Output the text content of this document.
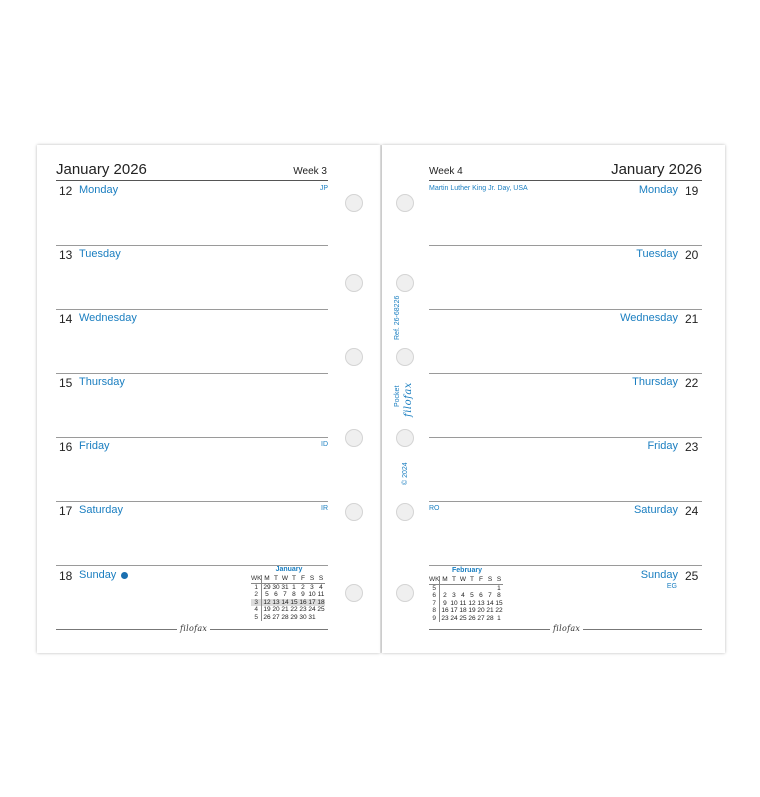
January 2026	Week 3
12 Monday	JP
13 Tuesday
14 Wednesday
15 Thursday
16 Friday	ID
17 Saturday	IR
18 Sunday	January
WK	M	T	W	T	F	S	S
1	29	30	31	1	2	3	4
2	5	6	7	8	9	10	11
3	12	13	14	15	16	17	18
4	19	20	21	22	23	24	25
5	26	27	28	29	30	31	
filofax
Week 4	January 2026
Martin Luther King Jr. Day, USA	Monday 19
Tuesday 20
Wednesday 21
Thursday 22
Friday 23
RO	Saturday 24
Sunday 25
EG
February
WK	M	T	W	T	F	S	S
5							1
6	2	3	4	5	6	7	8
7	9	10	11	12	13	14	15
8	16	17	18	19	20	21	22
9	23	24	25	26	27	28	1
filofax
Ref. 26-68226
Pocket filofax
© 2024
